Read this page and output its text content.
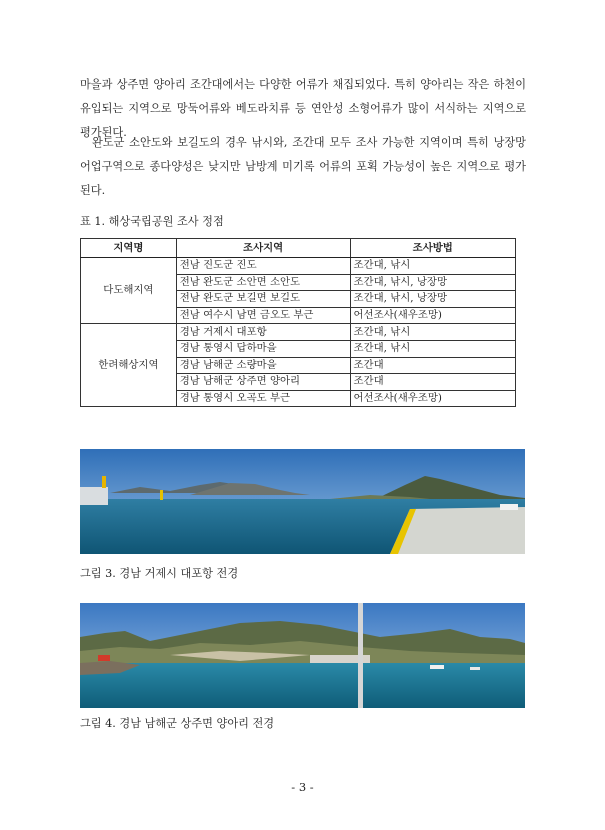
마을과 상주면 양아리 조간대에서는 다양한 어류가 채집되었다. 특히 양아리는 작은 하천이 유입되는 지역으로 망둑어류와 베도라치류 등 연안성 소형어류가 많이 서식하는 지역으로 평가된다.

완도군 소안도와 보길도의 경우 낚시와, 조간대 모두 조사 가능한 지역이며 특히 낭장망 어업구역으로 종다양성은 낮지만 남방계 미기록 어류의 포획 가능성이 높은 지역으로 평가된다.

표 1. 해상국립공원 조사 정점

지역명	조사지역	조사방법
다도해지역	전남 진도군 진도	조간대, 낚시
	전남 완도군 소안면 소안도	조간대, 낚시, 낭장망
	전남 완도군 보길면 보길도	조간대, 낚시, 낭장망
	전남 여수시 남면 금오도 부근	어선조사(새우조망)
한려해상지역	경남 거제시 대포항	조간대, 낚시
	경남 통영시 답하마을	조간대, 낚시
	경남 남해군 소량마을	조간대
	경남 남해군 상주면 양아리	조간대
	경남 통영시 오곡도 부근	어선조사(새우조망)

그림 3. 경남 거제시 대포항 전경

그림 4. 경남 남해군 상주면 양아리 전경

- 3 -
